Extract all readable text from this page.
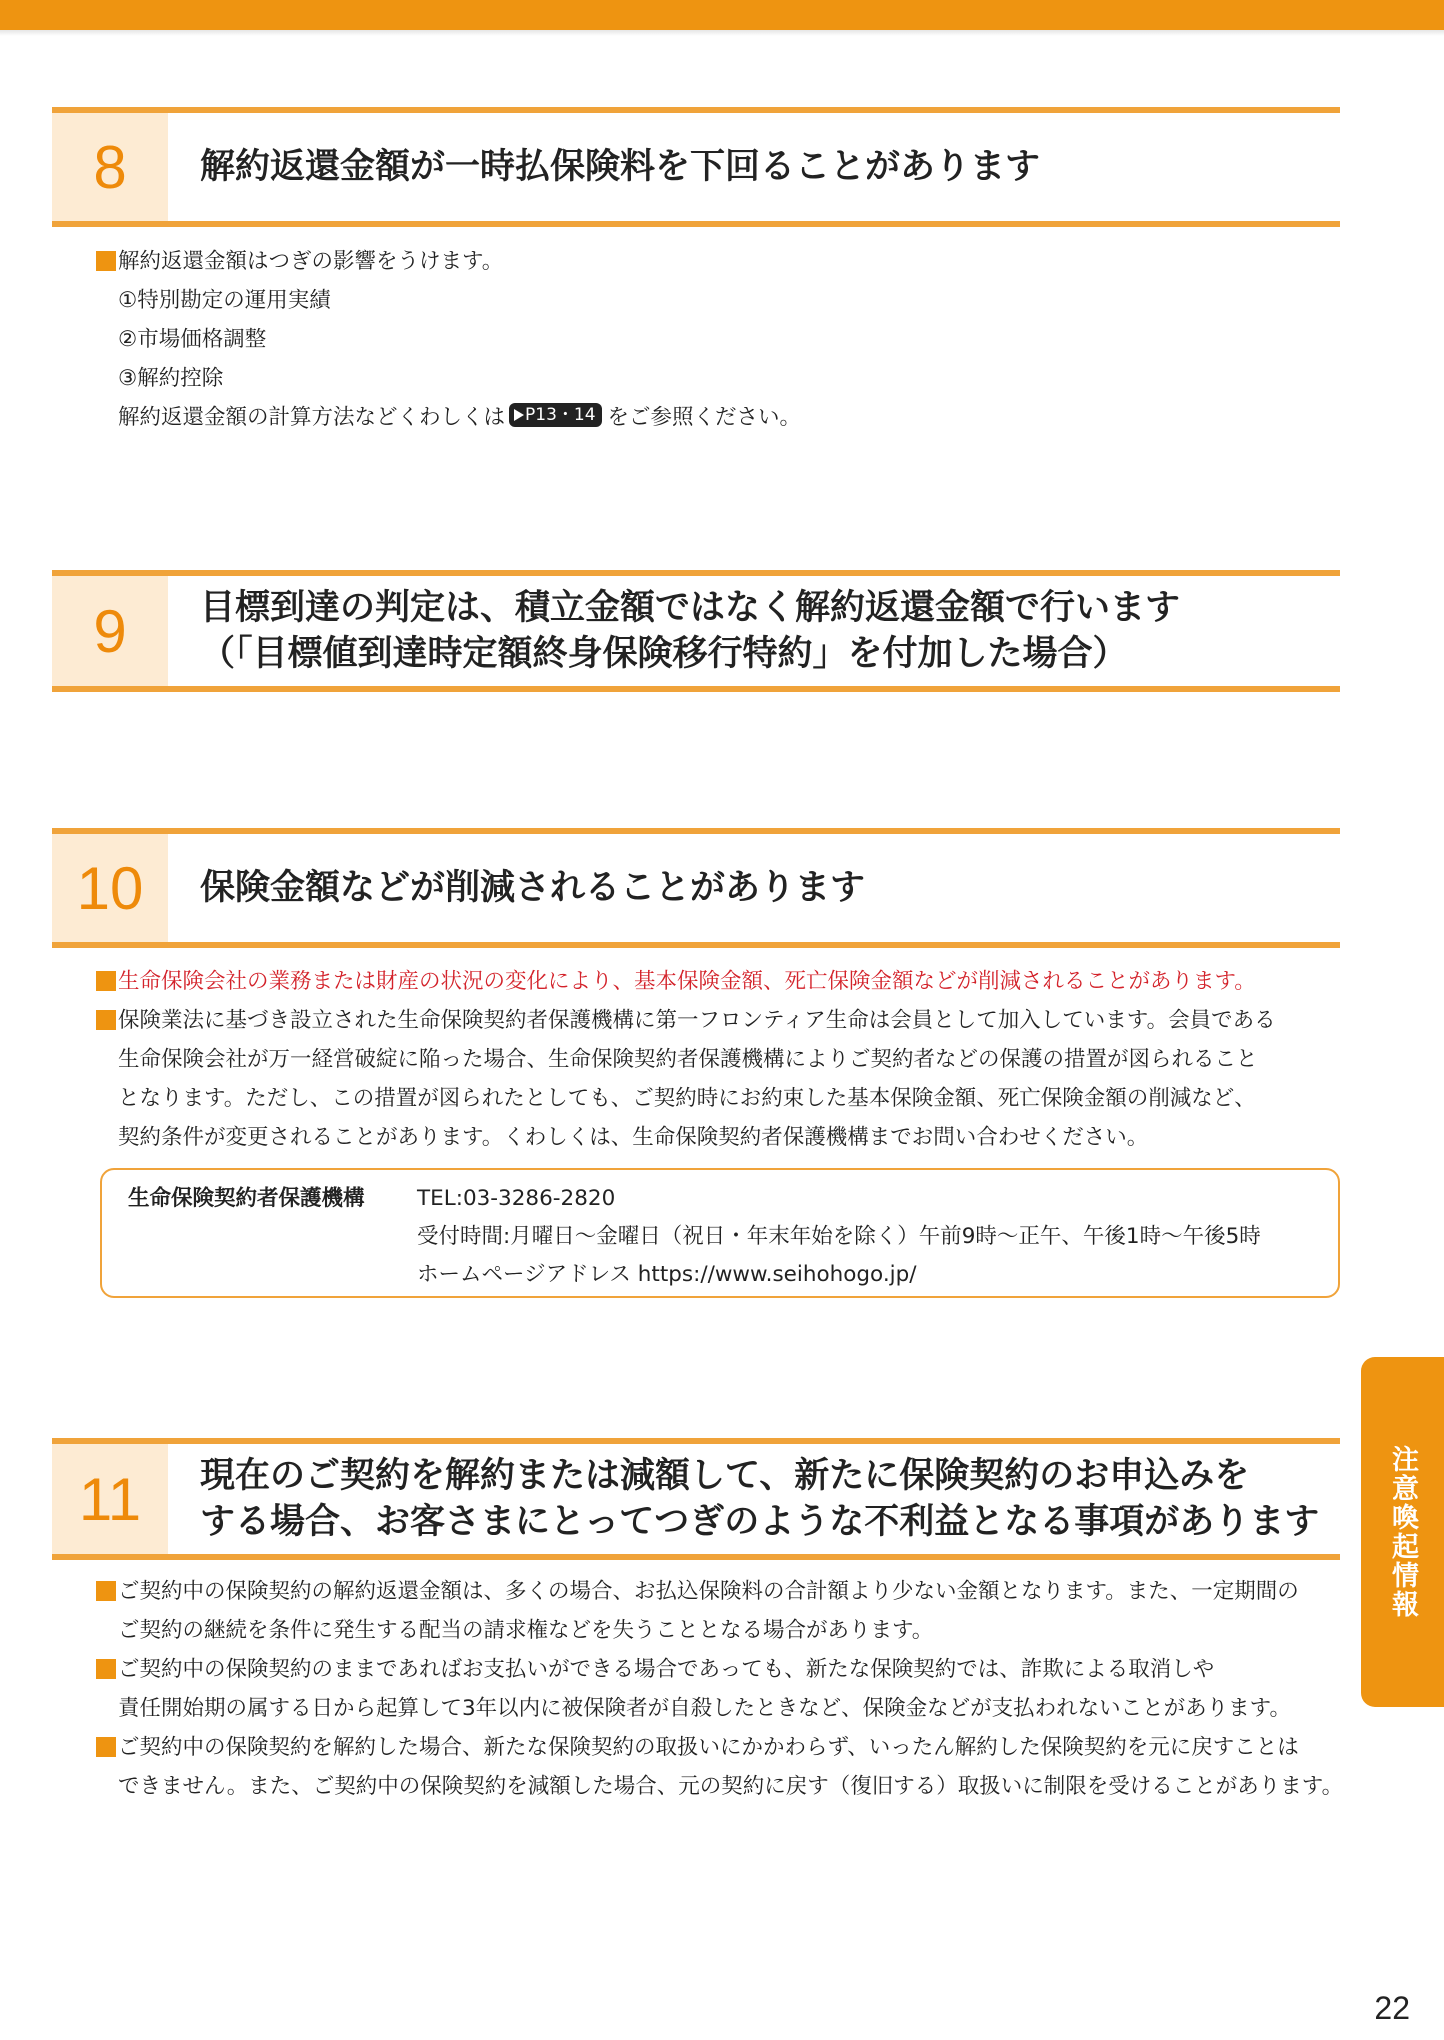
8	解約返還金額が一時払保険料を下回ることがあります
解約返還金額はつぎの影響をうけます。
①特別勘定の運用実績
②市場価格調整
③解約控除
解約返還金額の計算方法などくわしくは P13・14 をご参照ください。
9	目標到達の判定は、積立金額ではなく解約返還金額で行います
（「目標値到達時定額終身保険移行特約」を付加した場合）
10	保険金額などが削減されることがあります
生命保険会社の業務または財産の状況の変化により、基本保険金額、死亡保険金額などが削減されることがあります。
保険業法に基づき設立された生命保険契約者保護機構に第一フロンティア生命は会員として加入しています。会員である
生命保険会社が万一経営破綻に陥った場合、生命保険契約者保護機構によりご契約者などの保護の措置が図られること
となります。ただし、この措置が図られたとしても、ご契約時にお約束した基本保険金額、死亡保険金額の削減など、
契約条件が変更されることがあります。くわしくは、生命保険契約者保護機構までお問い合わせください。
生命保険契約者保護機構 TEL:03-3286-2820
受付時間:月曜日～金曜日（祝日・年末年始を除く）午前9時～正午、午後1時～午後5時
ホームページアドレス https://www.seihohogo.jp/
11	現在のご契約を解約または減額して、新たに保険契約のお申込みを
する場合、お客さまにとってつぎのような不利益となる事項があります
ご契約中の保険契約の解約返還金額は、多くの場合、お払込保険料の合計額より少ない金額となります。また、一定期間の
ご契約の継続を条件に発生する配当の請求権などを失うこととなる場合があります。
ご契約中の保険契約のままであればお支払いができる場合であっても、新たな保険契約では、詐欺による取消しや
責任開始期の属する日から起算して3年以内に被保険者が自殺したときなど、保険金などが支払われないことがあります。
ご契約中の保険契約を解約した場合、新たな保険契約の取扱いにかかわらず、いったん解約した保険契約を元に戻すことは
できません。また、ご契約中の保険契約を減額した場合、元の契約に戻す（復旧する）取扱いに制限を受けることがあります。
注意喚起情報
22
